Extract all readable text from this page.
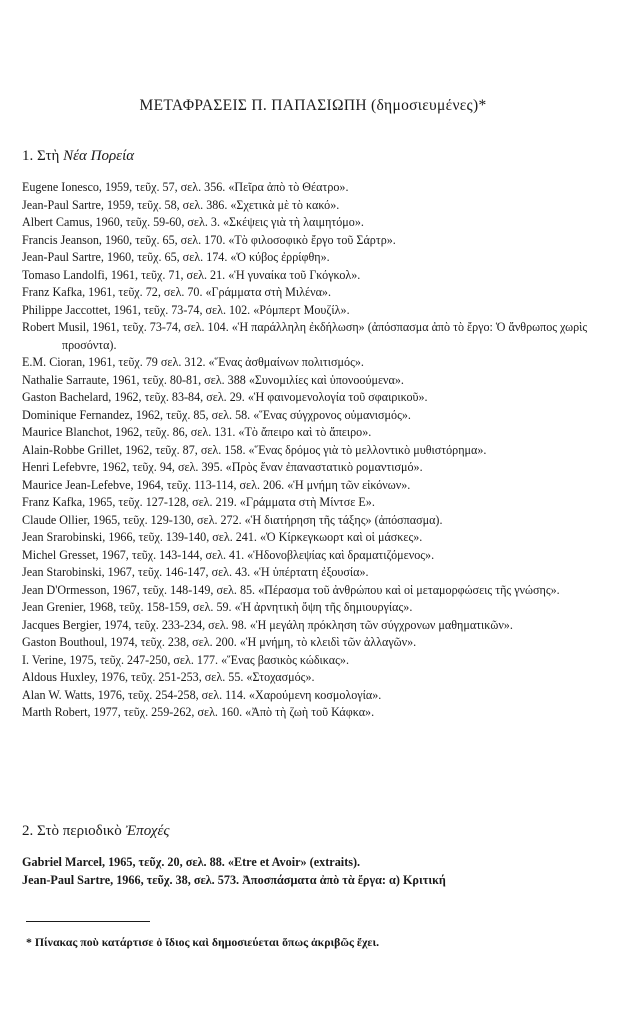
ΜΕΤΑΦΡΑΣΕΙΣ Π. ΠΑΠΑΣΙΩΠΗ (δημοσιευμένες)*
1. Στὴ Νέα Πορεία
Eugene Ionesco, 1959, τεῦχ. 57, σελ. 356. «Πεῖρα ἀπὸ τὸ Θέατρο».
Jean-Paul Sartre, 1959, τεῦχ. 58, σελ. 386. «Σχετικὰ μὲ τὸ κακό».
Albert Camus, 1960, τεῦχ. 59-60, σελ. 3. «Σκέψεις γιὰ τὴ λαιμητόμο».
Francis Jeanson, 1960, τεῦχ. 65, σελ. 170. «Τὸ φιλοσοφικὸ ἔργο τοῦ Σάρτρ».
Jean-Paul Sartre, 1960, τεῦχ. 65, σελ. 174. «Ὁ κύβος ἐρρίφθη».
Tomaso Landolfi, 1961, τεῦχ. 71, σελ. 21. «Ἡ γυναίκα τοῦ Γκόγκολ».
Franz Kafka, 1961, τεῦχ. 72, σελ. 70. «Γράμματα στὴ Μιλένα».
Philippe Jaccottet, 1961, τεῦχ. 73-74, σελ. 102. «Ρόμπερτ Μουζίλ».
Robert Musil, 1961, τεῦχ. 73-74, σελ. 104. «Ἡ παράλληλη ἐκδήλωση» (ἀπόσπασμα ἀπὸ τὸ ἔργο: Ὁ ἄνθρωπος χωρὶς προσόντα).
E.M. Cioran, 1961, τεῦχ. 79 σελ. 312. «Ἕνας ἀσθμαίνων πολιτισμός».
Nathalie Sarraute, 1961, τεῦχ. 80-81, σελ. 388 «Συνομιλίες καὶ ὑπονοούμενα».
Gaston Bachelard, 1962, τεῦχ. 83-84, σελ. 29. «Ἡ φαινομενολογία τοῦ σφαιρικοῦ».
Dominique Fernandez, 1962, τεῦχ. 85, σελ. 58. «Ἕνας σύγχρονος οὐμανισμός».
Maurice Blanchot, 1962, τεῦχ. 86, σελ. 131. «Τὸ ἄπειρο καὶ τὸ ἄπειρο».
Alain-Robbe Grillet, 1962, τεῦχ. 87, σελ. 158. «Ἕνας δρόμος γιὰ τὸ μελλοντικὸ μυθιστόρημα».
Henri Lefebvre, 1962, τεῦχ. 94, σελ. 395. «Πρὸς ἕναν ἐπαναστατικὸ ρομαντισμό».
Maurice Jean-Lefebve, 1964, τεῦχ. 113-114, σελ. 206. «Ἡ μνήμη τῶν εἰκόνων».
Franz Kafka, 1965, τεῦχ. 127-128, σελ. 219. «Γράμματα στὴ Μίντσε Ε».
Claude Ollier, 1965, τεῦχ. 129-130, σελ. 272. «Ἡ διατήρηση τῆς τάξης» (ἀπόσπασμα).
Jean Srarobinski, 1966, τεῦχ. 139-140, σελ. 241. «Ὁ Κίρκεγκωορτ καὶ οἱ μάσκες».
Michel Gresset, 1967, τεῦχ. 143-144, σελ. 41. «Ἡδονοβλεψίας καὶ δραματιζόμενος».
Jean Starobinski, 1967, τεῦχ. 146-147, σελ. 43. «Ἡ ὑπέρτατη ἐξουσία».
Jean D'Ormesson, 1967, τεῦχ. 148-149, σελ. 85. «Πέρασμα τοῦ ἀνθρώπου καὶ οἱ μεταμορφώσεις τῆς γνώσης».
Jean Grenier, 1968, τεῦχ. 158-159, σελ. 59. «Ἡ ἀρνητικὴ ὄψη τῆς δημιουργίας».
Jacques Bergier, 1974, τεῦχ. 233-234, σελ. 98. «Ἡ μεγάλη πρόκληση τῶν σύγχρονων μαθηματικῶν».
Gaston Bouthoul, 1974, τεῦχ. 238, σελ. 200. «Ἡ μνήμη, τὸ κλειδὶ τῶν ἀλλαγῶν».
I. Verine, 1975, τεῦχ. 247-250, σελ. 177. «Ἕνας βασικὸς κώδικας».
Aldous Huxley, 1976, τεῦχ. 251-253, σελ. 55. «Στοχασμός».
Alan W. Watts, 1976, τεῦχ. 254-258, σελ. 114. «Χαρούμενη κοσμολογία».
Marth Robert, 1977, τεῦχ. 259-262, σελ. 160. «Ἀπὸ τὴ ζωὴ τοῦ Κάφκα».
2. Στὸ περιοδικὸ Ἐποχές
Gabriel Marcel, 1965, τεῦχ. 20, σελ. 88. «Etre et Avoir» (extraits).
Jean-Paul Sartre, 1966, τεῦχ. 38, σελ. 573. Ἀποσπάσματα ἀπὸ τὰ ἔργα: α) Κριτική
* Πίνακας ποὺ κατάρτισε ὁ ἴδιος καὶ δημοσιεύεται ὅπως ἀκριβῶς ἔχει.
